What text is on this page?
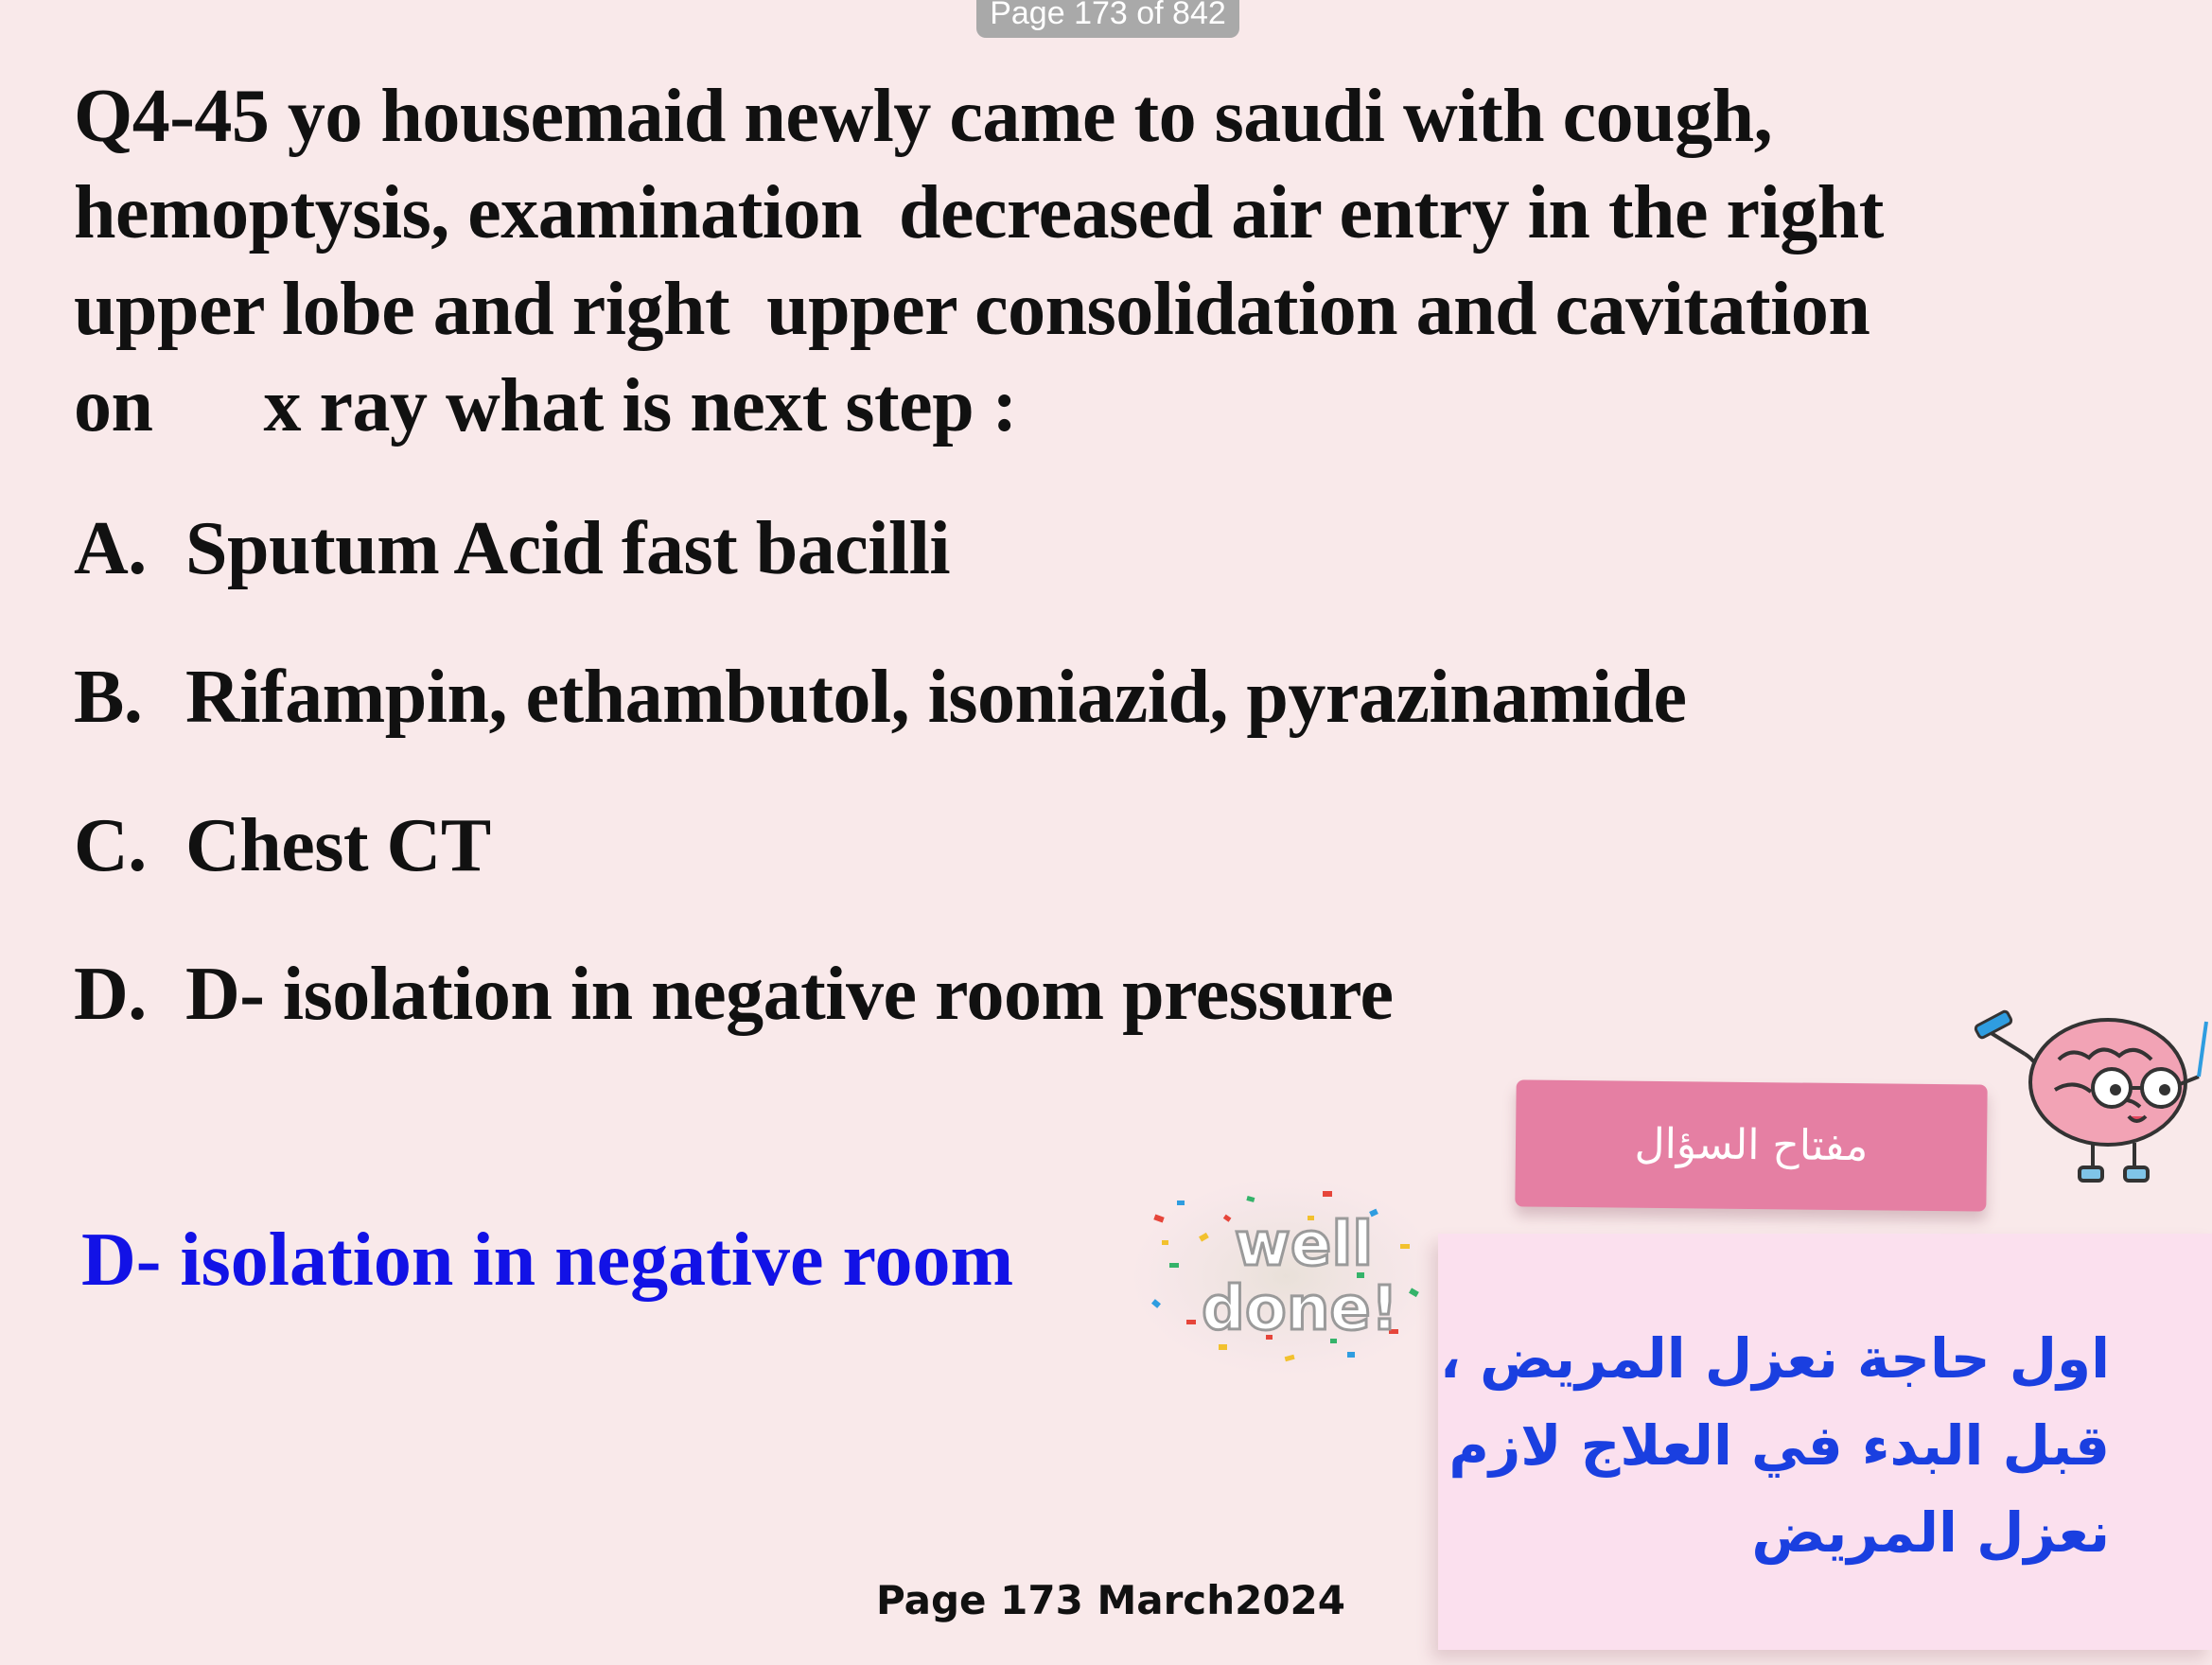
Page 173 of 842

Q4-45 yo housemaid newly came to saudi with cough,
hemoptysis, examination  decreased air entry in the right
upper lobe and right  upper consolidation and cavitation
on      x ray what is next step :

A. Sputum Acid fast bacilli
B. Rifampin, ethambutol, isoniazid, pyrazinamide
C. Chest CT
D. D- isolation in negative room pressure
D- isolation in negative room	well
done!
اول حاجة نعزل المريض ،
قبل البدء في العلاج لازم
نعزل المريض
مفتاح السؤال
Page 173 March2024
